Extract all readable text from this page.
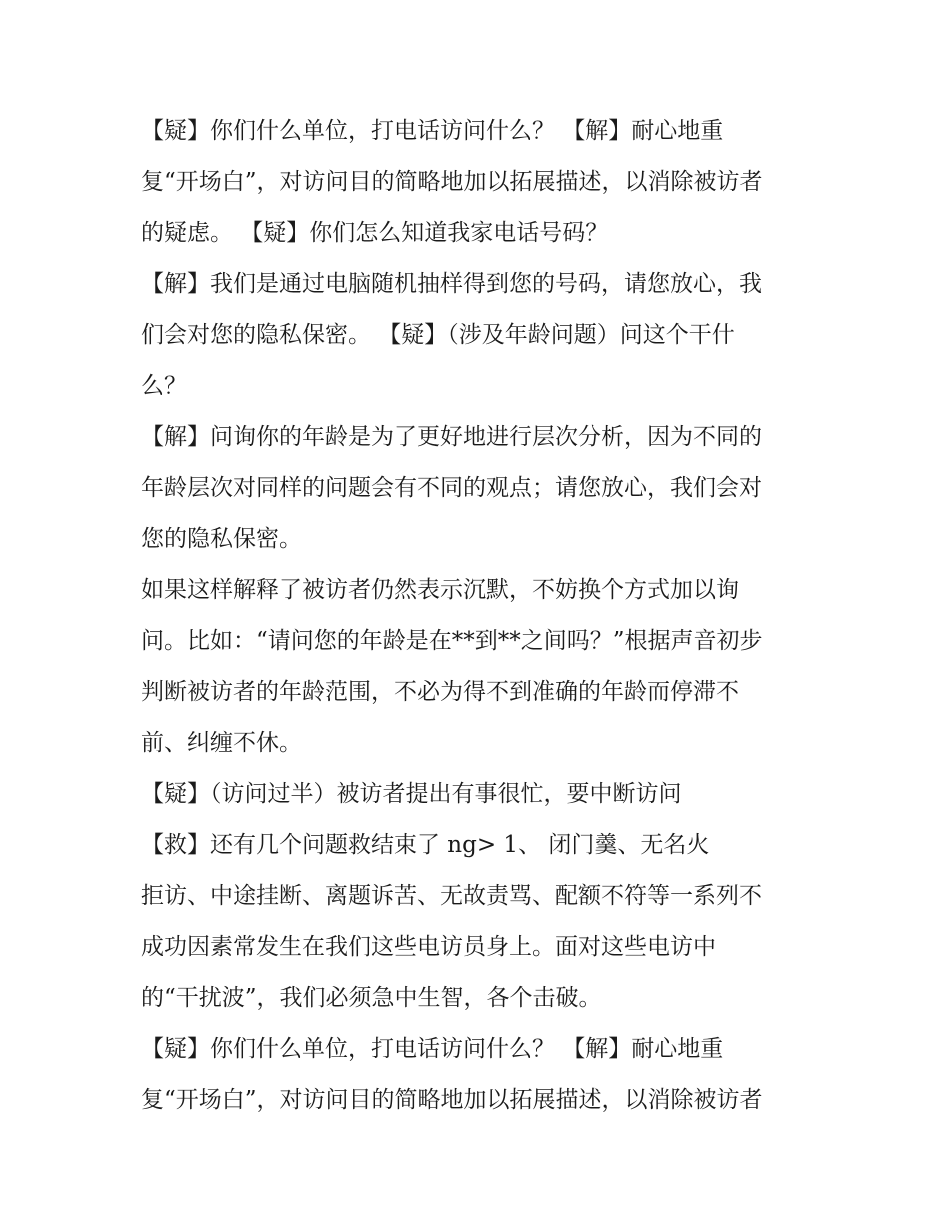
【疑】你们什么单位，打电话访问什么？ 【解】耐心地重
复“开场白”，对访问目的简略地加以拓展描述，以消除被访者
的疑虑。 【疑】你们怎么知道我家电话号码？
【解】我们是通过电脑随机抽样得到您的号码，请您放心，我
们会对您的隐私保密。 【疑】（涉及年龄问题）问这个干什
么？
【解】问询你的年龄是为了更好地进行层次分析，因为不同的
年龄层次对同样的问题会有不同的观点；请您放心，我们会对
您的隐私保密。
如果这样解释了被访者仍然表示沉默，不妨换个方式加以询
问。比如：“请问您的年龄是在**到**之间吗？”根据声音初步
判断被访者的年龄范围，不必为得不到准确的年龄而停滞不
前、纠缠不休。
【疑】（访问过半）被访者提出有事很忙，要中断访问
【救】还有几个问题救结束了 ng> 1、 闭门羹、无名火
拒访、中途挂断、离题诉苦、无故责骂、配额不符等一系列不
成功因素常发生在我们这些电访员身上。面对这些电访中
的“干扰波”，我们必须急中生智，各个击破。
【疑】你们什么单位，打电话访问什么？ 【解】耐心地重
复“开场白”，对访问目的简略地加以拓展描述，以消除被访者
